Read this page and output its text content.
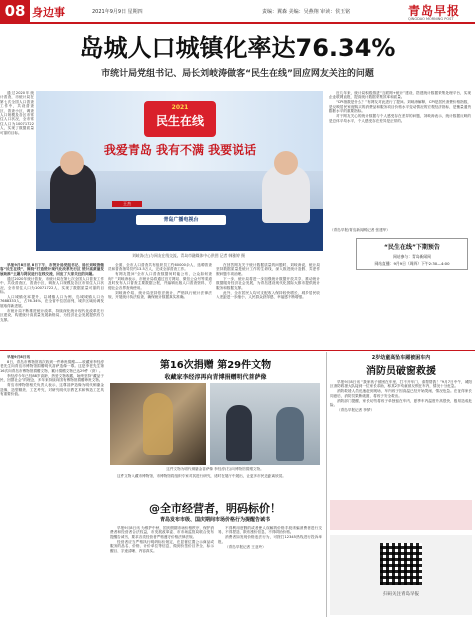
08 身边事	2021年9月9日 星期四	责编：翼森 美编：吴燕翔 审读：侯玉铭	青岛早报
QINGDAO MORNING POST
岛城人口城镇化率达76.34%
市统计局党组书记、局长刘岐涛做客“民生在线”回应网友关注的问题
2021
民生在线
我爱青岛 我有不满 我要说话
青岛广播电视台
王杰
刘岐涛(左)与网友在线交流。青岛市融媒体中心供图 记者 韩雅婷 摄

早报9月8日讯 8日下午，市统计局党组书记、局长刘岐涛做客“民生在线”，围绕“打造统计现代化改革先行区 统计高质量发展助推”主题与网民进行在线交流，回应了大家关注的问题。

通过2020年统计普查，市统计局在第七次全国人口普查工作中，共设普查区、普查小区，调查人口规模及各区市常住人口状况，全市常住人口为10071722人，实现了数据质量可靠的目标。

人口城镇化率提升，以城镇人口为例，岛城城镇人口为7688333人，占76.34%，在全省中位居前列，城乡区域协调发展取得新进展。

市统计局不断推进统计改革，持续深化统计现代化改革先行区建设，构建统计高质量发展新格局，为经济社会发展提供有力支撑。

全面，全市人口普查共有组织员工约60000余人，选聘普查员和普查指导员约13.5万人，完成全部普查工作。

有网友提问“全市人口普查数据何时能公布，公众如何查询？”刘岐涛表示，市统计局将通过官方网站、微信公众号等渠道及时发布人口普查主要数据公报，并编辑出版人口普查资料，方便社会各界查询使用。

刘岐涛介绍，统计局坚持依法统计，严格执行统计法律法规，开展统计执法检查，确保统计数据真实准确。

在回答网友关于统计数据质量的问题时，刘岐涛说，统计局坚持数据质量是统计工作的生命线，深入推进统计造假、弄虚作假问题专项治理。

下一步，统计局将进一步加强统计数据开放共享，推动统计数据服务经济社会发展，为青岛建设现代化国际大都市提供统计服务和数据支撑。

此外，全市居民人均可支配收入保持较快增长，城乡居民收入差距进一步缩小，人民群众获得感、幸福感不断增强。

通过2020年统计普查，市统计局在第七次全国人口普查工作中，共设普查区、普查小区，调查人口规模及各区市常住人口状况，全市常住人口为10071722人，实现了数据质量可靠的目标。

近几年来，统计局积极推进“互联网+统计”建设，搭建统计数据采集处理平台，实现企业联网直报，提高统计数据采集效率和质量。

“CPI指数是什么？”有网友对此进行了提问。刘岐涛解释，CPI是居民消费价格指数，是反映居民家庭购买的消费品和服务项目价格水平变动情况的宏观经济指标，是衡量通货膨胀水平的重要指标。

对于网友关心的统计数据与个人感受存在差异的问题，刘岐涛表示，统计数据反映的是总体平均水平，个人感受存在差异是正常的。

“民生在线”下期预告
网站参与：青岛新闻网
网站直播：9月9日（周四）下午2:30—4:00
（青岛早报/青岛新闻网记者 张建华）
第16次捐赠 第29件文物
收藏家李经淳再向青博捐赠明代菩萨像

早报9月8日讯

8日，青岛市博物馆再次收到一件珍贵捐赠——收藏家李经淳老先生向青岛市博物馆捐赠明代菩萨造像一尊。这是李老先生第16次向青岛市博物馆捐赠文物，累计捐赠文物已达29件（套）。

李经淳今年已经88岁高龄，热爱文物收藏，始终坚持“藏品于民，回馈社会”的理念，多年来持续向国有博物馆捐赠珍贵文物。

青岛市博物馆相关负责人表示，这尊菩萨造像为明代铜鎏金造像，造型精美、工艺考究，对研究明代宗教艺术和铸造工艺具有重要价值。

这件文物为明代铜鎏金菩萨像 李经淳(右)向博物馆捐赠文物。

这件文物入藏市博物馆，市博物馆将组织专家对其进行研究，适时在展厅中展出，让更多市民近距离欣赏。

@全市经营者，明码标价！
青岛发布市级、国庆期间市场价格行为提醒告诫书

早报9月8日讯 为维护中秋、国庆假期市场价格秩序，保护消费者和经营者合法权益，市发展改革委、市市场监管局联合发布提醒告诫书，要求各类经营者严格遵守价格法律法规。

经营者应当严格执行明码标价规定，在显著位置公示商品或服务的品名、价格、计价单位等信息，做到价签价目齐全、标示醒目、字迹清晰、内容真实。

不得利用虚假的或者使人误解的价格手段诱骗消费者进行交易，不得捏造、散布涨价信息，不得哄抬价格。

消费者如发现价格违法行为，可拨打12345热线进行投诉举报。

（青岛早报记者 王亚玲）

2岁幼童高坠车厢被困车内
消防员破窗救援

早报9月8日讯 “我家孩子被困在车里，打不开车门，请帮帮我！”9月7日中午，城阳区消防救援大队接到一位家长求助，称其2岁幼童被反锁在车内，情况十分危急。

消防救援人员迅速赶到现场，车内孩子因高温已经开始哭闹，情况危急。在征得家长同意后，消防员果断破窗，将孩子安全救出。

消防部门提醒，家长切勿将孩子单独留在车内，夏季车内温度升高很快，极易造成危险。

（青岛早报记者 李梦）

扫码关注青岛早报
